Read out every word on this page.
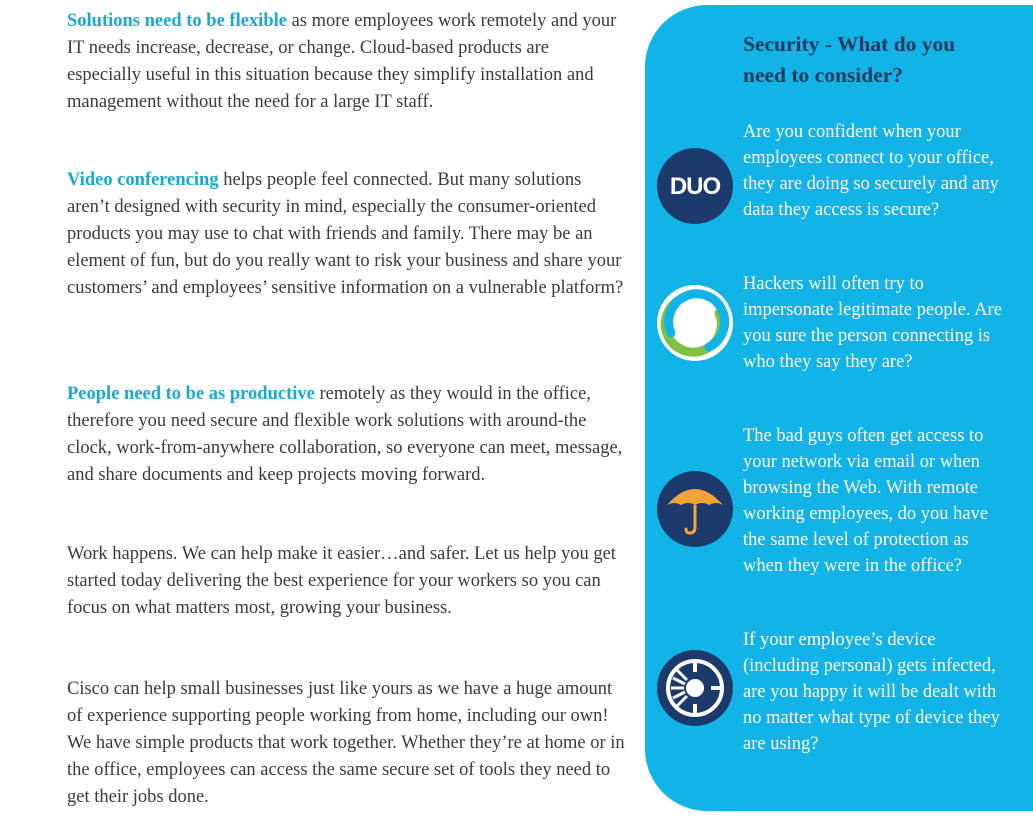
Solutions need to be flexible as more employees work remotely and your IT needs increase, decrease, or change. Cloud-based products are especially useful in this situation because they simplify installation and management without the need for a large IT staff.

Video conferencing helps people feel connected. But many solutions aren’t designed with security in mind, especially the consumer-oriented products you may use to chat with friends and family. There may be an element of fun, but do you really want to risk your business and share your customers’ and employees’ sensitive information on a vulnerable platform?

People need to be as productive remotely as they would in the office, therefore you need secure and flexible work solutions with around-the clock, work-from-anywhere collaboration, so everyone can meet, message, and share documents and keep projects moving forward.

Work happens. We can help make it easier…and safer. Let us help you get started today delivering the best experience for your workers so you can focus on what matters most, growing your business.

Cisco can help small businesses just like yours as we have a huge amount of experience supporting people working from home, including our own! We have simple products that work together. Whether they’re at home or in the office, employees can access the same secure set of tools they need to get their jobs done.

Security - What do you
need to consider?

DUO

Are you confident when your employees connect to your office, they are doing so securely and any data they access is secure?

Hackers will often try to impersonate legitimate people. Are you sure the person connecting is who they say they are?

The bad guys often get access to your network via email or when browsing the Web. With remote working employees, do you have the same level of protection as when they were in the office?

If your employee’s device (including personal) gets infected, are you happy it will be dealt with no matter what type of device they are using?
